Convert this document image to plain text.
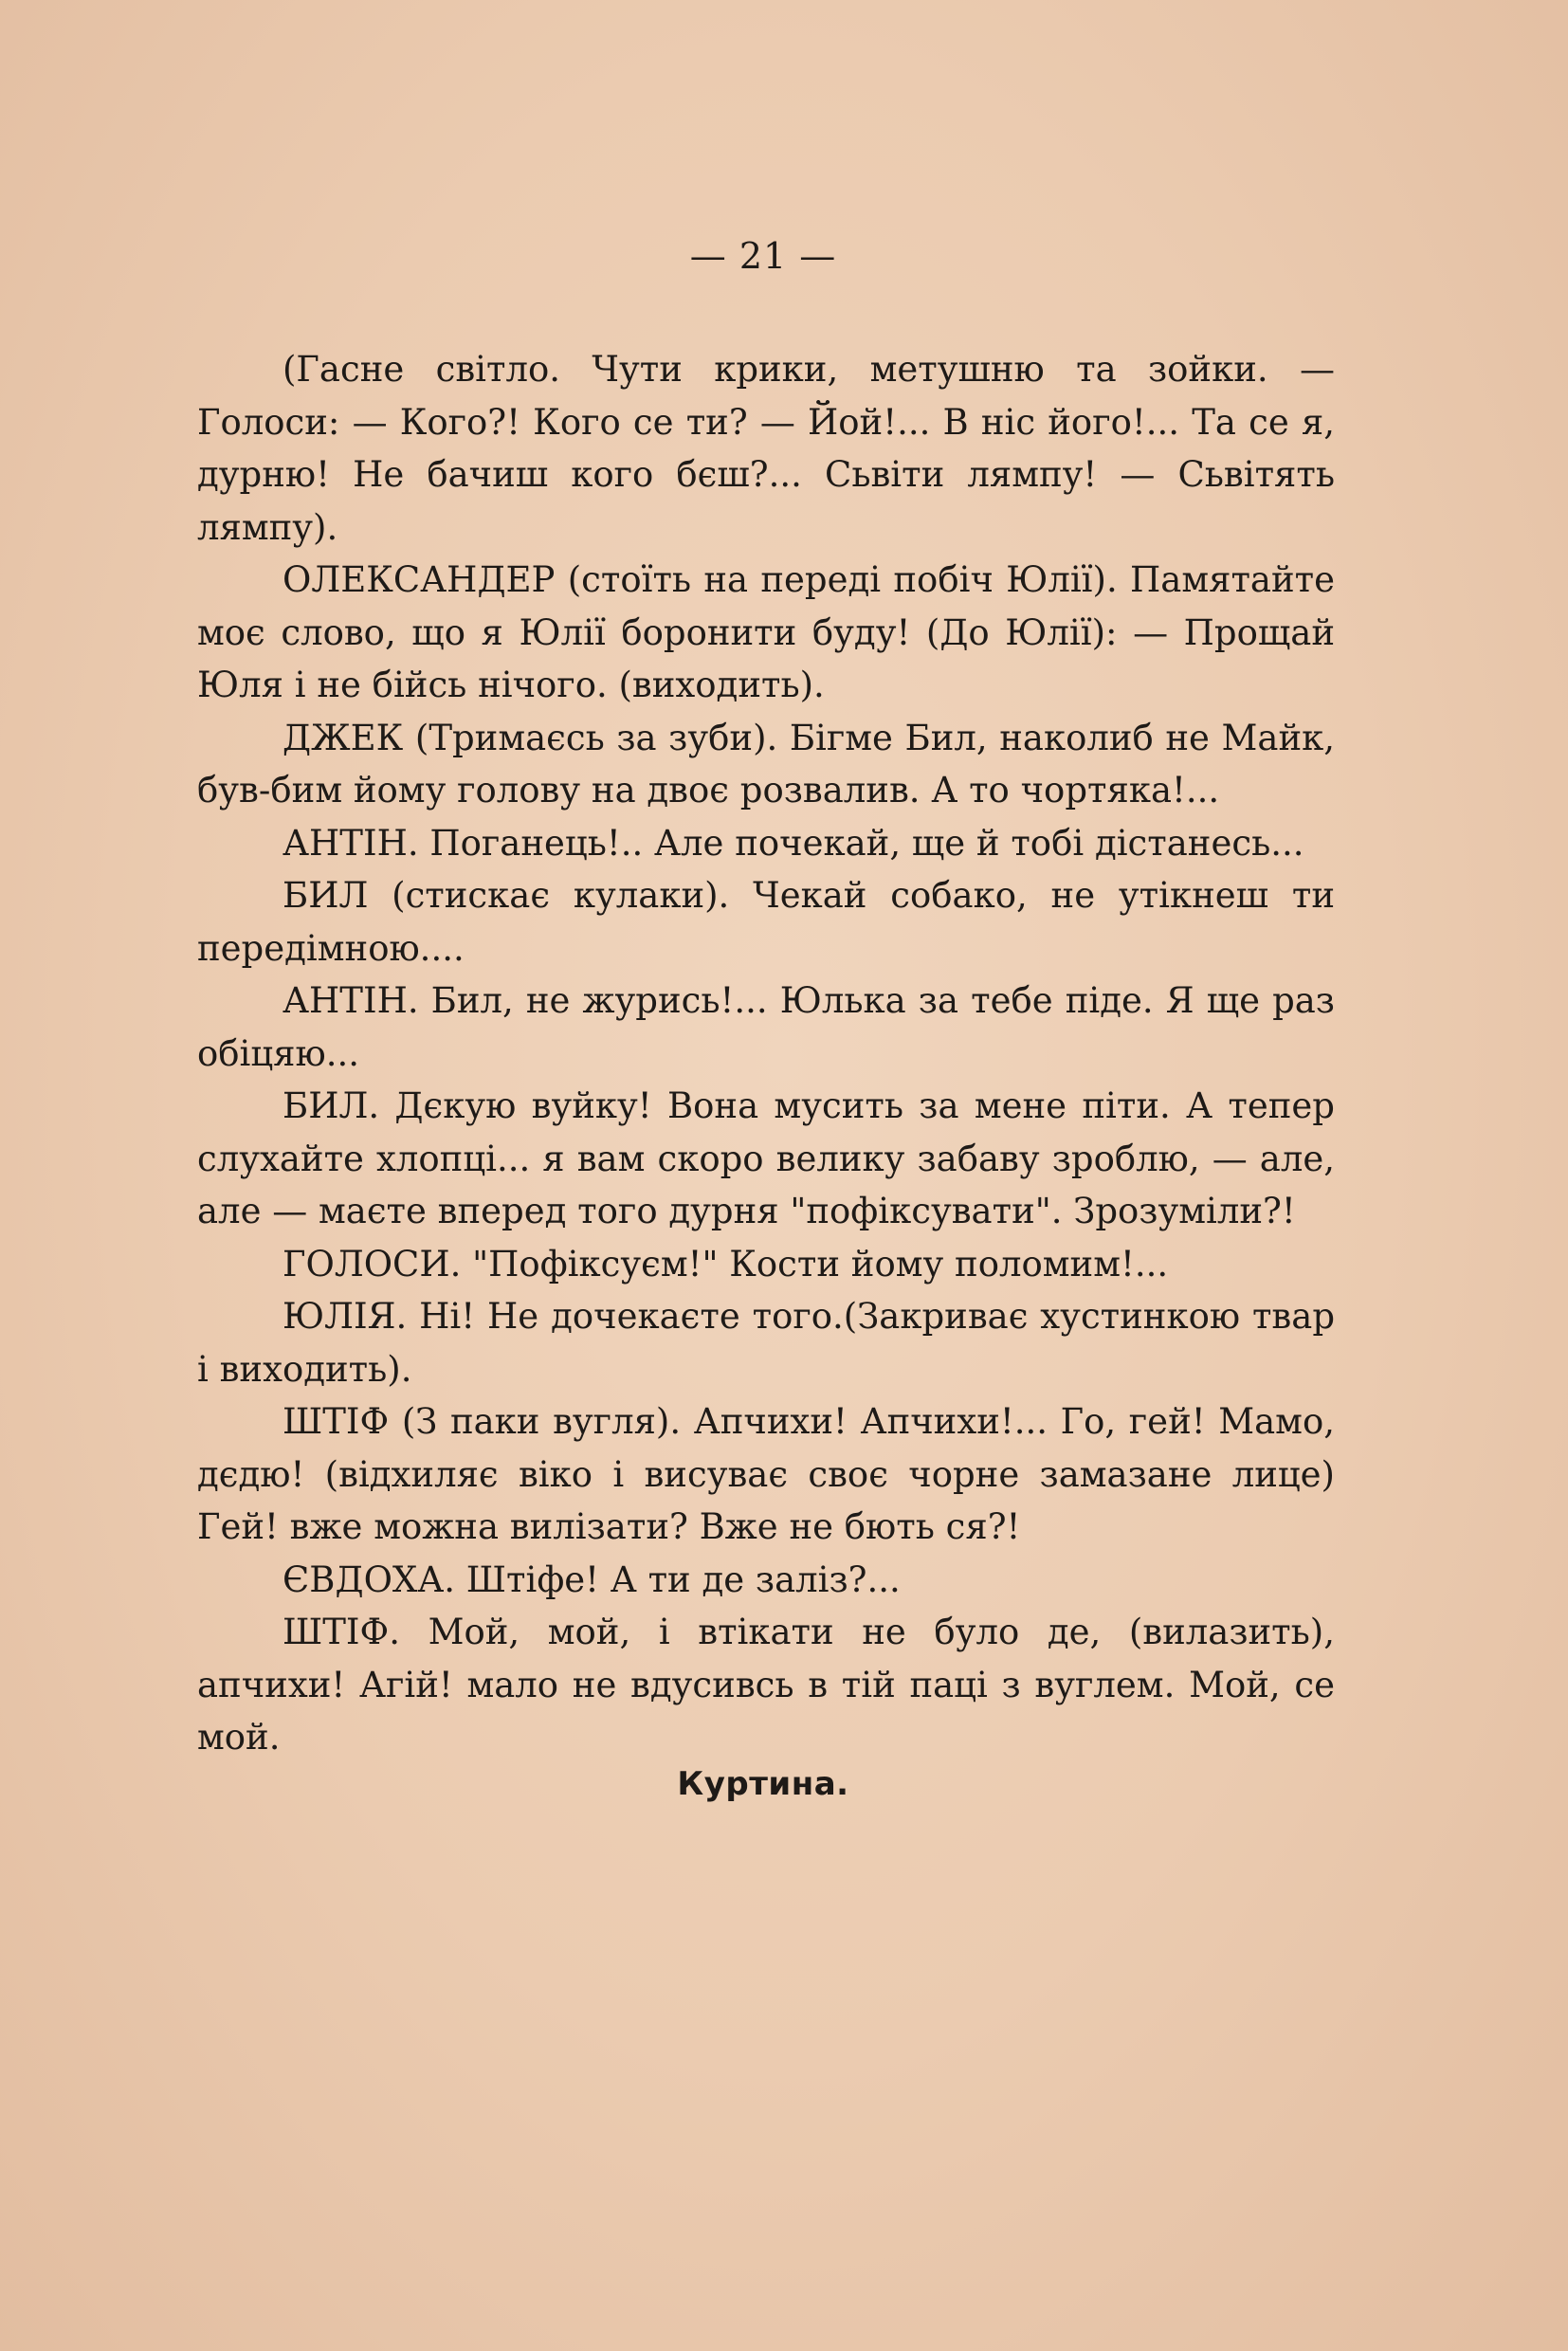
— 21 —

(Гасне світло. Чути крики, метушню та зойки. — Голоси: — Кого?! Кого се ти? — Йой!... В ніс його!... Та се я, дурню! Не бачиш кого бєш?... Сьвіти лямпу! — Сьвітять лямпу).

ОЛЕКСАНДЕР (стоїть на переді побіч Юлії). Памятайте моє слово, що я Юлії боронити буду! (До Юлії): — Прощай Юля і не бійсь нічого. (виходить).

ДЖЕК (Тримаєсь за зуби). Бігме Бил, наколиб не Майк, був-бим йому голову на двоє розвалив. А то чортяка!...

АНТІН. Поганець!.. Але почекай, ще й тобі дістанесь...

БИЛ (стискає кулаки). Чекай собако, не утікнеш ти передімною....

АНТІН. Бил, не журись!... Юлька за тебе піде. Я ще раз обіцяю...

БИЛ. Дєкую вуйку! Вона мусить за мене піти. А тепер слухайте хлопці... я вам скоро велику забаву зроблю, — але, але — маєте вперед того дурня "пофіксувати". Зрозуміли?!

ГОЛОСИ. "Пофіксуєм!" Кости йому поломим!...

ЮЛІЯ. Ні! Не дочекаєте того.(Закриває хустинкою твар і виходить).

ШТІФ (З паки вугля). Апчихи! Апчихи!... Го, гей! Мамо, дєдю! (відхиляє віко і висуває своє чорне замазане лице) Гей! вже можна вилізати? Вже не бють ся?!

ЄВДОХА. Штіфе! А ти де заліз?...

ШТІФ. Мой, мой, і втікати не було де, (вилазить), апчихи! Агій! мало не вдусивсь в тій паці з вуглем. Мой, се мой.

Куртина.
